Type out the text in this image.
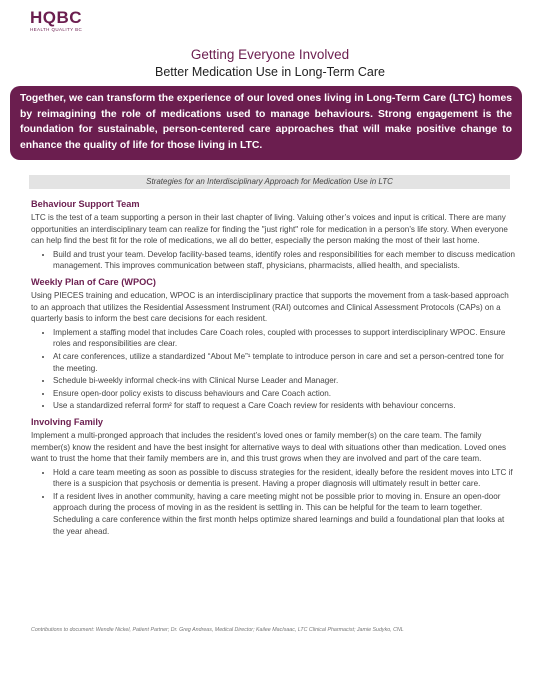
HQBC
HEALTH QUALITY BC
Getting Everyone Involved
Better Medication Use in Long-Term Care
Together, we can transform the experience of our loved ones living in Long-Term Care (LTC) homes by reimagining the role of medications used to manage behaviours. Strong engagement is the foundation for sustainable, person-centered care approaches that will make positive change to enhance the quality of life for those living in LTC.
Strategies for an Interdisciplinary Approach for Medication Use in LTC
Behaviour Support Team

LTC is the test of a team supporting a person in their last chapter of living. Valuing other’s voices and input is critical. There are many opportunities an interdisciplinary team can realize for finding the "just right" role for medication in a person’s life story. When everyone can help find the best fit for the role of medications, we all do better, especially the person making the most of their last home.

• Build and trust your team. Develop facility-based teams, identify roles and responsibilities for each member to discuss medication management. This improves communication between staff, physicians, pharmacists, allied health, and specialists.
Weekly Plan of Care (WPOC)

Using PIECES training and education, WPOC is an interdisciplinary practice that supports the movement from a task-based approach to an approach that utilizes the Residential Assessment Instrument (RAI) outcomes and Clinical Assessment Protocols (CAPs) on a quarterly basis to inform the best care decisions for each resident.

• Implement a staffing model that includes Care Coach roles, coupled with processes to support interdisciplinary WPOC. Ensure roles and responsibilities are clear.
• At care conferences, utilize a standardized “About Me”¹ template to introduce person in care and set a person-centred tone for the meeting.
• Schedule bi-weekly informal check-ins with Clinical Nurse Leader and Manager.
• Ensure open-door policy exists to discuss behaviours and Care Coach action.
• Use a standardized referral form² for staff to request a Care Coach review for residents with behaviour concerns.
Involving Family

Implement a multi-pronged approach that includes the resident’s loved ones or family member(s) on the care team. The family member(s) know the resident and have the best insight for alternative ways to deal with situations other than medication. Loved ones want to trust the home that their family members are in, and this trust grows when they are involved and part of the care team.

• Hold a care team meeting as soon as possible to discuss strategies for the resident, ideally before the resident moves into LTC if there is a suspicion that psychosis or dementia is present. Having a proper diagnosis will ultimately result in better care.
• If a resident lives in another community, having a care meeting might not be possible prior to moving in. Ensure an open-door approach during the process of moving in as the resident is settling in. This can be helpful for the team to learn together. Scheduling a care conference within the first month helps optimize shared learnings and build a foundational plan that looks at the year ahead.
Contributions to document: Wendie Nickel, Patient Partner; Dr. Greg Andreas, Medical Director; Kailee MacIsaac, LTC Clinical Pharmacist; Jamie Sudyko, CNL
